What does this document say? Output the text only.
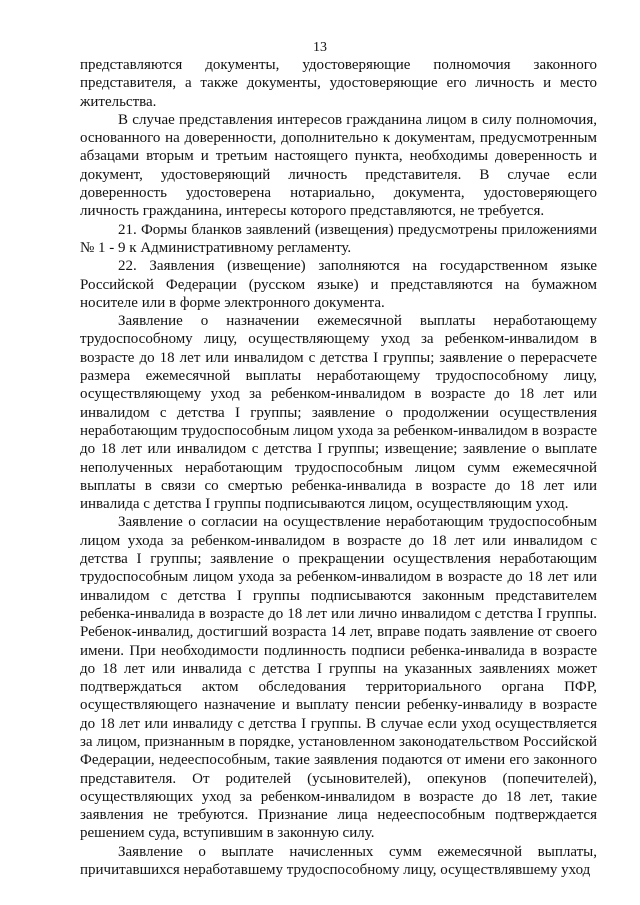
13

представляются документы, удостоверяющие полномочия законного представителя, а также документы, удостоверяющие его личность и место жительства.

В случае представления интересов гражданина лицом в силу полномочия, основанного на доверенности, дополнительно к документам, предусмотренным абзацами вторым и третьим настоящего пункта, необходимы доверенность и документ, удостоверяющий личность представителя. В случае если доверенность удостоверена нотариально, документа, удостоверяющего личность гражданина, интересы которого представляются, не требуется.

21. Формы бланков заявлений (извещения) предусмотрены приложениями № 1 - 9 к Административному регламенту.

22. Заявления (извещение) заполняются на государственном языке Российской Федерации (русском языке) и представляются на бумажном носителе или в форме электронного документа.

Заявление о назначении ежемесячной выплаты неработающему трудоспособному лицу, осуществляющему уход за ребенком-инвалидом в возрасте до 18 лет или инвалидом с детства I группы; заявление о перерасчете размера ежемесячной выплаты неработающему трудоспособному лицу, осуществляющему уход за ребенком-инвалидом в возрасте до 18 лет или инвалидом с детства I группы; заявление о продолжении осуществления неработающим трудоспособным лицом ухода за ребенком-инвалидом в возрасте до 18 лет или инвалидом с детства I группы; извещение; заявление о выплате неполученных неработающим трудоспособным лицом сумм ежемесячной выплаты в связи со смертью ребенка-инвалида в возрасте до 18 лет или инвалида с детства I группы подписываются лицом, осуществляющим уход.

Заявление о согласии на осуществление неработающим трудоспособным лицом ухода за ребенком-инвалидом в возрасте до 18 лет или инвалидом с детства I группы; заявление о прекращении осуществления неработающим трудоспособным лицом ухода за ребенком-инвалидом в возрасте до 18 лет или инвалидом с детства I группы подписываются законным представителем ребенка-инвалида в возрасте до 18 лет или лично инвалидом с детства I группы. Ребенок-инвалид, достигший возраста 14 лет, вправе подать заявление от своего имени. При необходимости подлинность подписи ребенка-инвалида в возрасте до 18 лет или инвалида с детства I группы на указанных заявлениях может подтверждаться актом обследования территориального органа ПФР, осуществляющего назначение и выплату пенсии ребенку-инвалиду в возрасте до 18 лет или инвалиду с детства I группы. В случае если уход осуществляется за лицом, признанным в порядке, установленном законодательством Российской Федерации, недееспособным, такие заявления подаются от имени его законного представителя. От родителей (усыновителей), опекунов (попечителей), осуществляющих уход за ребенком-инвалидом в возрасте до 18 лет, такие заявления не требуются. Признание лица недееспособным подтверждается решением суда, вступившим в законную силу.

Заявление о выплате начисленных сумм ежемесячной выплаты, причитавшихся неработавшему трудоспособному лицу, осуществлявшему уход
